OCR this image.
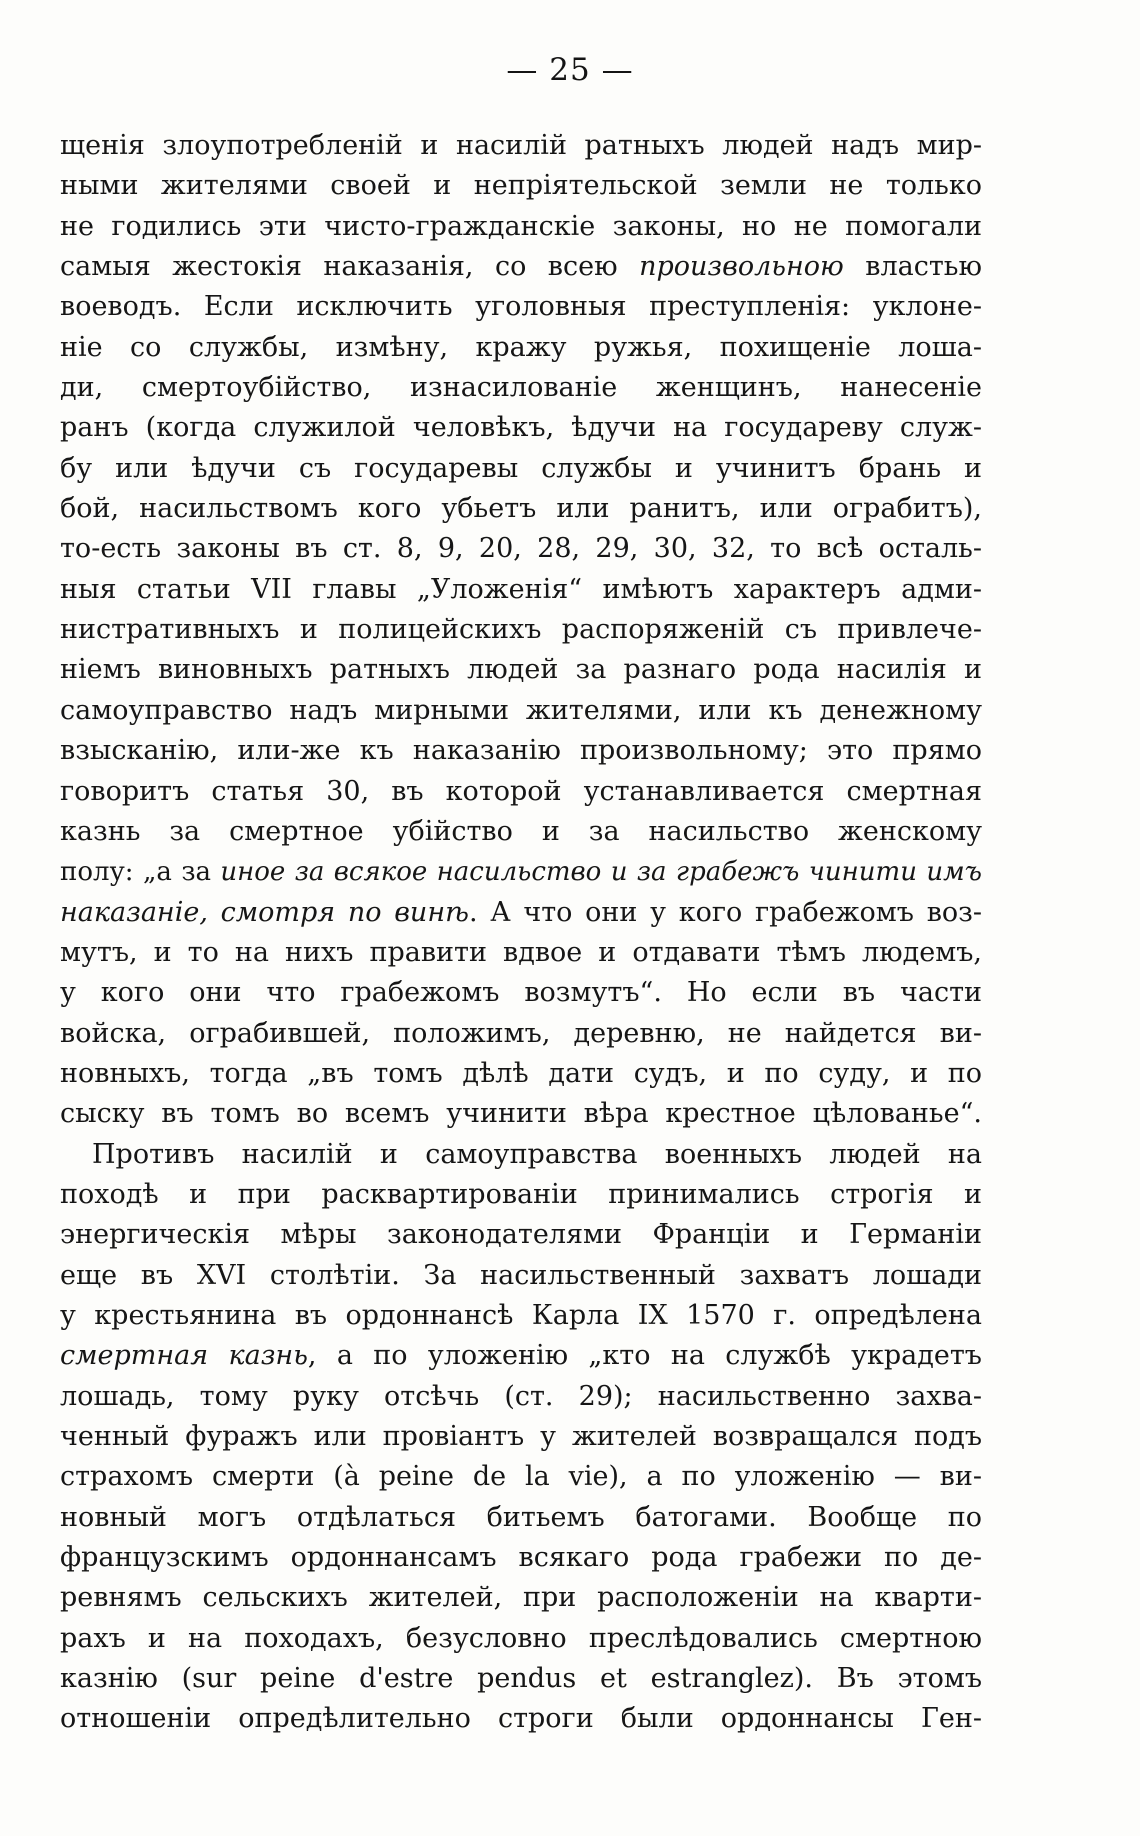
— 25 —
щенія злоупотребленій и насилій ратныхъ людей надъ мир-
ными жителями своей и непріятельской земли не только
не годились эти чисто-гражданскіе законы, но не помогали
самыя жестокія наказанія, со всею произвольною властью
воеводъ. Если исключить уголовныя преступленія: уклоне-
ніе со службы, измѣну, кражу ружья, похищеніе лоша-
ди, смертоубійство, изнасилованіе женщинъ, нанесеніе
ранъ (когда служилой человѣкъ, ѣдучи на государеву служ-
бу или ѣдучи съ государевы службы и учинитъ брань и
бой, насильствомъ кого убьетъ или ранитъ, или ограбитъ),
то-есть законы въ ст. 8, 9, 20, 28, 29, 30, 32, то всѣ осталь-
ныя статьи VII главы „Уложенія“ имѣютъ характеръ адми-
нистративныхъ и полицейскихъ распоряженій съ привлече-
ніемъ виновныхъ ратныхъ людей за разнаго рода насилія и
самоуправство надъ мирными жителями, или къ денежному
взысканію, или-же къ наказанію произвольному; это прямо
говоритъ статья 30, въ которой устанавливается смертная
казнь за смертное убійство и за насильство женскому
полу: „а за иное за всякое насильство и за грабежъ чинити имъ
наказаніе, смотря по винѣ. А что они у кого грабежомъ воз-
мутъ, и то на нихъ правити вдвое и отдавати тѣмъ людемъ,
у кого они что грабежомъ возмутъ“. Но если въ части
войска, ограбившей, положимъ, деревню, не найдется ви-
новныхъ, тогда „въ томъ дѣлѣ дати судъ, и по суду, и по
сыску въ томъ во всемъ учинити вѣра крестное цѣлованье“.
Противъ насилій и самоуправства военныхъ людей на
походѣ и при расквартированіи принимались строгія и
энергическія мѣры законодателями Франціи и Германіи
еще въ XVI столѣтіи. За насильственный захватъ лошади
у крестьянина въ ордоннансѣ Карла IX 1570 г. опредѣлена
смертная казнь, а по уложенію „кто на службѣ украдетъ
лошадь, тому руку отсѣчь (ст. 29); насильственно захва-
ченный фуражъ или провіантъ у жителей возвращался подъ
страхомъ смерти (à peine de la vie), а по уложенію — ви-
новный могъ отдѣлаться битьемъ батогами. Вообще по
французскимъ ордоннансамъ всякаго рода грабежи по де-
ревнямъ сельскихъ жителей, при расположеніи на кварти-
рахъ и на походахъ, безусловно преслѣдовались смертною
казнію (sur peine d'estre pendus et estranglez). Въ этомъ
отношеніи опредѣлительно строги были ордоннансы Ген-
